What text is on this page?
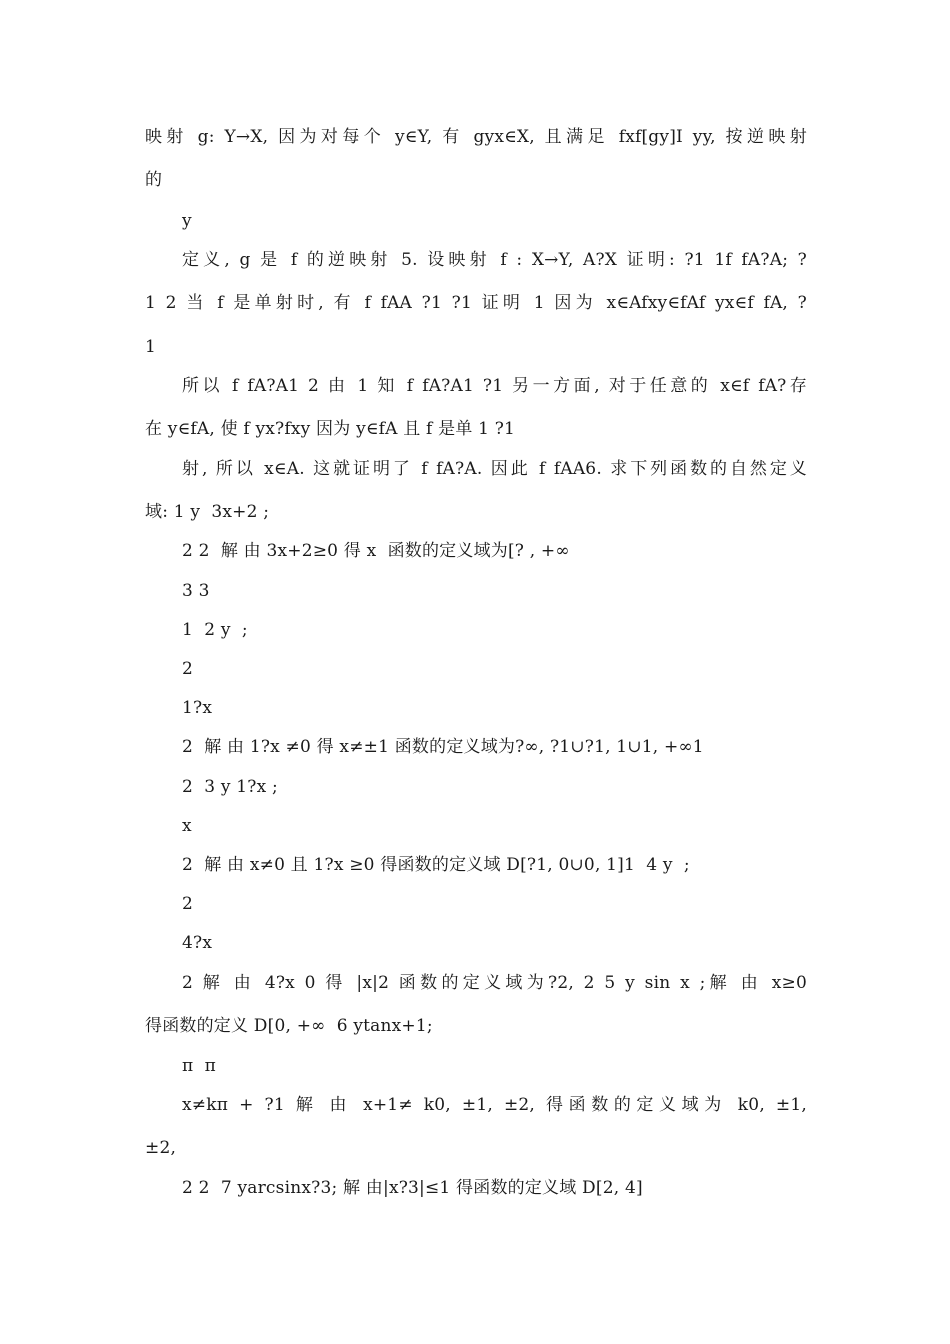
映射 g: Y→X, 因为对每个 y∈Y, 有 gyx∈X, 且满足 fxf[gy]I yy, 按逆映射
的
y
定义, g 是 f 的逆映射 5. 设映射 f : X→Y, A?X 证明: ?1 1f fA?A; ?
1 2 当 f 是单射时, 有 f fAA ?1 ?1 证明 1 因为 x∈Afxy∈fAf yx∈f fA, ?
1
所以 f fA?A1 2 由 1 知 f fA?A1 ?1 另一方面, 对于任意的 x∈f fA?存
在 y∈fA, 使 f yx?fxy 因为 y∈fA 且 f 是单 1 ?1
射, 所以 x∈A. 这就证明了 f fA?A. 因此 f fAA6. 求下列函数的自然定义
域: 1 y  3x+2 ;
2 2  解 由 3x+2≥0 得 x  函数的定义域为[? , +∞
3 3
1  2 y  ;
2
1?x
2  解 由 1?x ≠0 得 x≠±1 函数的定义域为?∞, ?1∪?1, 1∪1, +∞1
2  3 y 1?x ;
x
2  解 由 x≠0 且 1?x ≥0 得函数的定义域 D[?1, 0∪0, 1]1  4 y  ;
2
4?x
2 解 由 4?x 0 得 |x|2 函数的定义域为?2, 2 5 y sin x ;解 由 x≥0
得函数的定义 D[0, +∞  6 ytanx+1;
π  π
x≠kπ + ?1 解 由 x+1≠ k0, ±1, ±2, 得函数的定义域为 k0, ±1,
±2,
2 2  7 yarcsinx?3; 解 由|x?3|≤1 得函数的定义域 D[2, 4]
